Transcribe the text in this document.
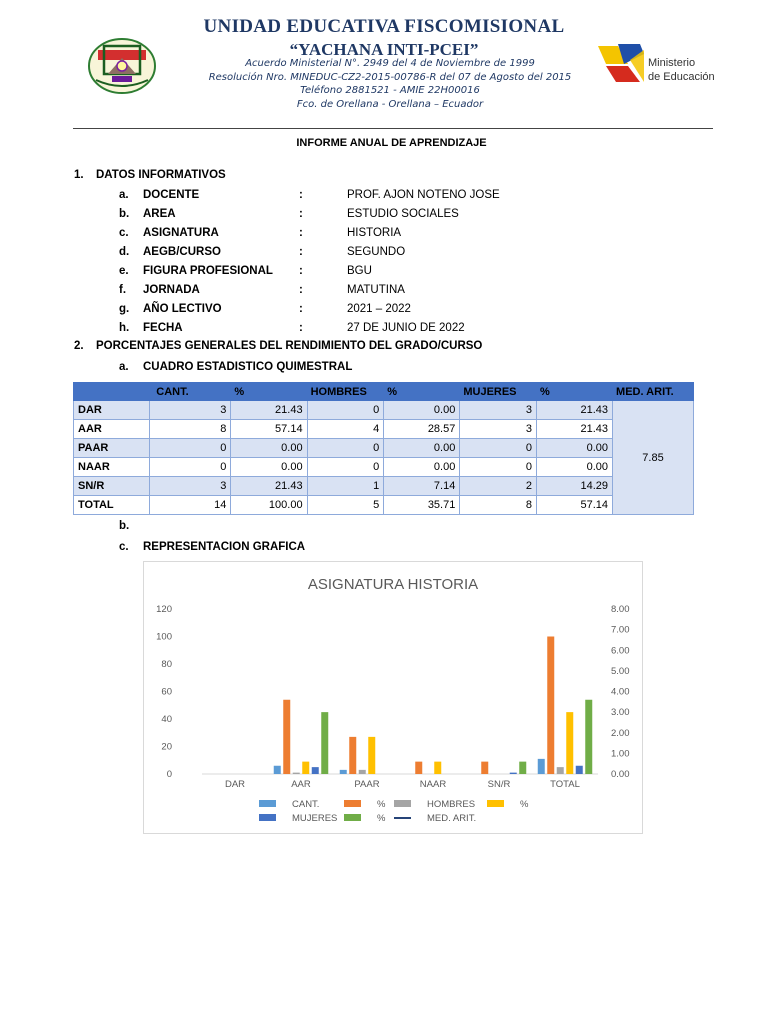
UNIDAD EDUCATIVA FISCOMISIONAL
“YACHANA INTI-PCEI”
Acuerdo Ministerial N°. 2949 del 4 de Noviembre de 1999
Resolución Nro. MINEDUC-CZ2-2015-00786-R del 07 de Agosto del 2015
Teléfono 2881521 - AMIE 22H00016
Fco. de Orellana - Orellana – Ecuador
Ministerio
de Educación
INFORME ANUAL DE APRENDIZAJE
1. DATOS INFORMATIVOS
a. DOCENTE	:	PROF. AJON NOTENO JOSE
b. AREA	:	ESTUDIO SOCIALES
c. ASIGNATURA	:	HISTORIA
d. AEGB/CURSO	:	SEGUNDO
e. FIGURA PROFESIONAL :	BGU
f. JORNADA	:	MATUTINA
g. AÑO LECTIVO	:	2021 – 2022
h. FECHA	:	27 DE JUNIO DE 2022
2. PORCENTAJES GENERALES DEL RENDIMIENTO DEL GRADO/CURSO
a. CUADRO ESTADISTICO QUIMESTRAL
	CANT.	%	HOMBRES	%	MUJERES	%	MED. ARIT.
DAR	3	21.43	0	0.00	3	21.43	7.85
AAR	8	57.14	4	28.57	3	21.43	
PAAR	0	0.00	0	0.00	0	0.00	
NAAR	0	0.00	0	0.00	0	0.00	
SN/R	3	21.43	1	7.14	2	14.29	
TOTAL	14	100.00	5	35.71	8	57.14	
b.
c. REPRESENTACION GRAFICA
ASIGNATURA HISTORIA
0
20
40
60
80
100
120
0.00
1.00
2.00
3.00
4.00
5.00
6.00
7.00
8.00
DAR	AAR	PAAR	NAAR	SN/R	TOTAL
CANT.	%	HOMBRES	%
MUJERES	%	MED. ARIT.
